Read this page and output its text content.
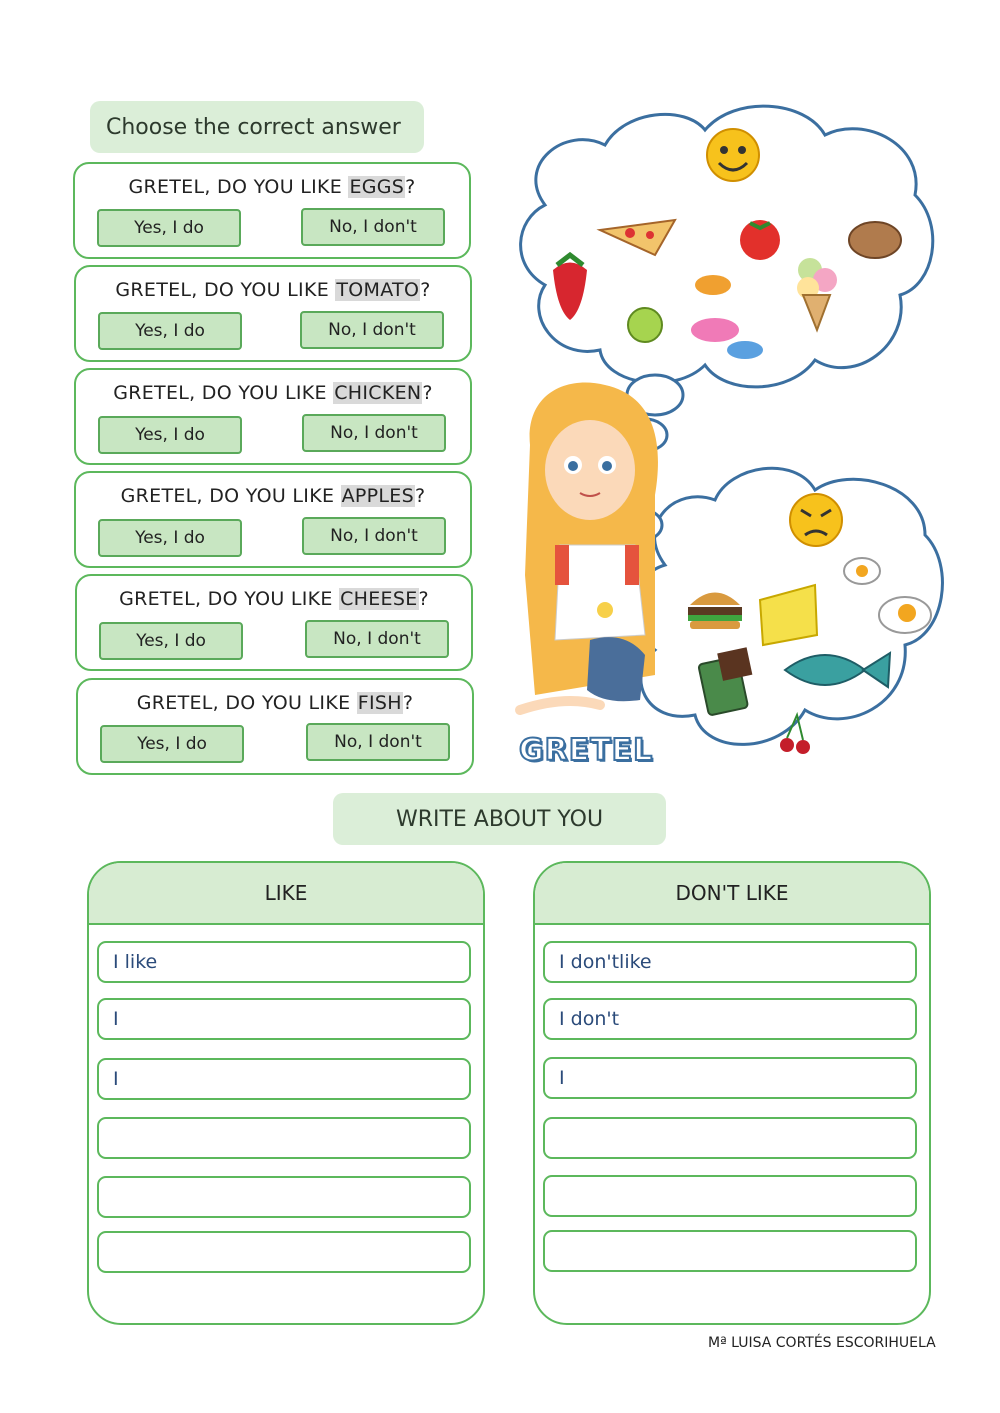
Choose the correct answer
GRETEL, DO YOU LIKE EGGS?
Yes, I do	No, I don't
GRETEL, DO YOU LIKE TOMATO?
Yes, I do	No, I don't
GRETEL, DO YOU LIKE CHICKEN?
Yes, I do	No, I don't
GRETEL, DO YOU LIKE APPLES?
Yes, I do	No, I don't
GRETEL, DO YOU LIKE CHEESE?
Yes, I do	No, I don't
GRETEL, DO YOU LIKE FISH?
Yes, I do	No, I don't	GRETEL
WRITE ABOUT YOU
LIKE
I like
I
I	DON'T LIKE
I don'tlike
I don't
I
Mª LUISA CORTÉS ESCORIHUELA
